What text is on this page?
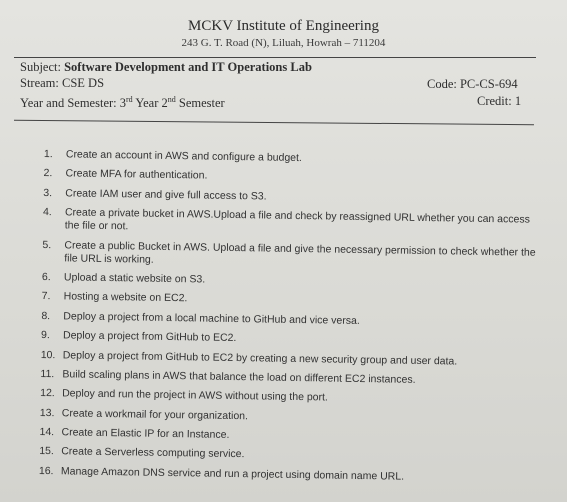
MCKV Institute of Engineering
243 G. T. Road (N), Liluah, Howrah – 711204
Subject: Software Development and IT Operations Lab
Stream: CSE DS
Year and Semester: 3rd Year 2nd Semester
Code: PC-CS-694
Credit: 1
1.	Create an account in AWS and configure a budget.
2.	Create MFA for authentication.
3.	Create IAM user and give full access to S3.
4.	Create a private bucket in AWS.Upload a file and check by reassigned URL whether you can access the file or not.
5.	Create a public Bucket in AWS. Upload a file and give the necessary permission to check whether the file URL is working.
6.	Upload a static website on S3.
7.	Hosting a website on EC2.
8.	Deploy a project from a local machine to GitHub and vice versa.
9.	Deploy a project from GitHub to EC2.
10. Deploy a project from GitHub to EC2 by creating a new security group and user data.
11. Build scaling plans in AWS that balance the load on different EC2 instances.
12. Deploy and run the project in AWS without using the port.
13. Create a workmail for your organization.
14. Create an Elastic IP for an Instance.
15. Create a Serverless computing service.
16. Manage Amazon DNS service and run a project using domain name URL.
